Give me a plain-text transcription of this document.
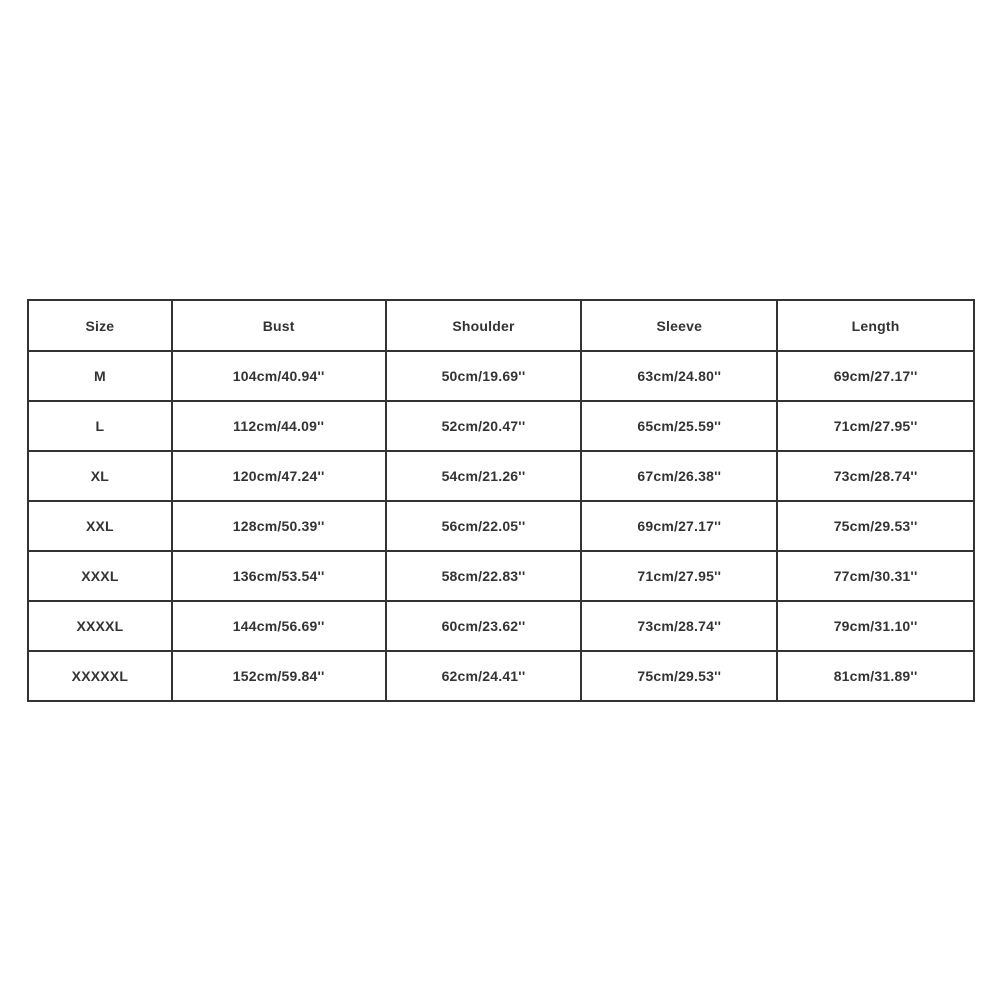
Size	Bust	Shoulder	Sleeve	Length
M	104cm/40.94''	50cm/19.69''	63cm/24.80''	69cm/27.17''
L	112cm/44.09''	52cm/20.47''	65cm/25.59''	71cm/27.95''
XL	120cm/47.24''	54cm/21.26''	67cm/26.38''	73cm/28.74''
XXL	128cm/50.39''	56cm/22.05''	69cm/27.17''	75cm/29.53''
XXXL	136cm/53.54''	58cm/22.83''	71cm/27.95''	77cm/30.31''
XXXXL	144cm/56.69''	60cm/23.62''	73cm/28.74''	79cm/31.10''
XXXXXL	152cm/59.84''	62cm/24.41''	75cm/29.53''	81cm/31.89''
